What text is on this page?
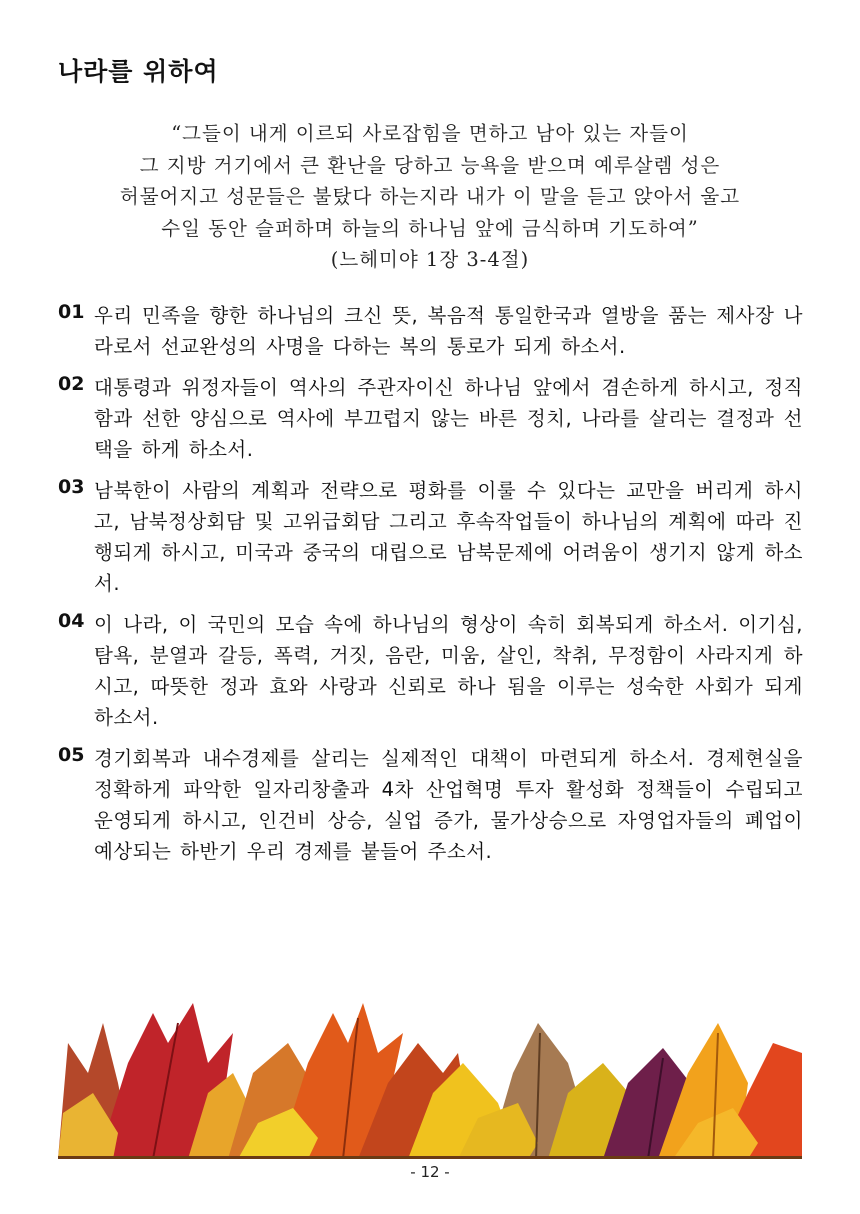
나라를 위하여
“그들이 내게 이르되 사로잡힘을 면하고 남아 있는 자들이
그 지방 거기에서 큰 환난을 당하고 능욕을 받으며 예루살렘 성은
허물어지고 성문들은 불탔다 하는지라 내가 이 말을 듣고 앉아서 울고
수일 동안 슬퍼하며 하늘의 하나님 앞에 금식하며 기도하여”
(느헤미야 1장 3-4절)
01 우리 민족을 향한 하나님의 크신 뜻, 복음적 통일한국과 열방을 품는 제사장 나라로서 선교완성의 사명을 다하는 복의 통로가 되게 하소서.
02 대통령과 위정자들이 역사의 주관자이신 하나님 앞에서 겸손하게 하시고, 정직함과 선한 양심으로 역사에 부끄럽지 않는 바른 정치, 나라를 살리는 결정과 선택을 하게 하소서.
03 남북한이 사람의 계획과 전략으로 평화를 이룰 수 있다는 교만을 버리게 하시고, 남북정상회담 및 고위급회담 그리고 후속작업들이 하나님의 계획에 따라 진행되게 하시고, 미국과 중국의 대립으로 남북문제에 어려움이 생기지 않게 하소서.
04 이 나라, 이 국민의 모습 속에 하나님의 형상이 속히 회복되게 하소서. 이기심, 탐욕, 분열과 갈등, 폭력, 거짓, 음란, 미움, 살인, 착취, 무정함이 사라지게 하시고, 따뜻한 정과 효와 사랑과 신뢰로 하나 됨을 이루는 성숙한 사회가 되게 하소서.
05 경기회복과 내수경제를 살리는 실제적인 대책이 마련되게 하소서. 경제현실을 정확하게 파악한 일자리창출과 4차 산업혁명 투자 활성화 정책들이 수립되고 운영되게 하시고, 인건비 상승, 실업 증가, 물가상승으로 자영업자들의 폐업이 예상되는 하반기 우리 경제를 붙들어 주소서.
- 12 -
